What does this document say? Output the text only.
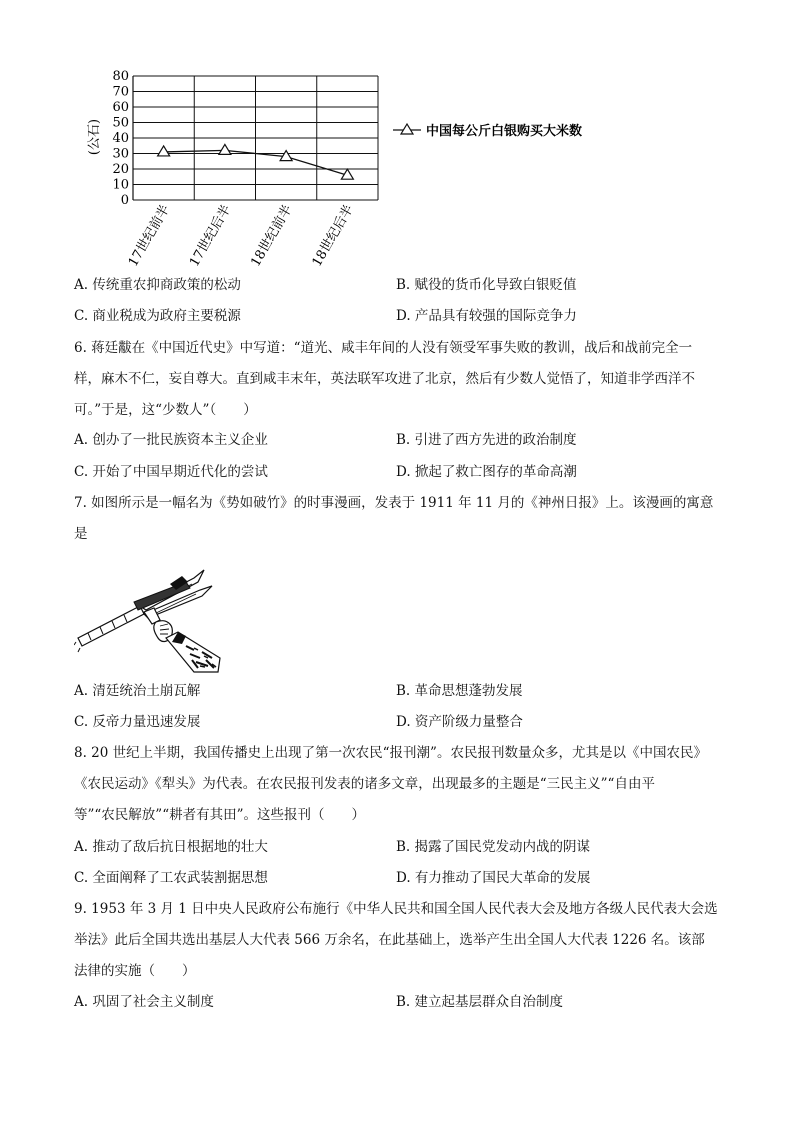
0
10
20
30
40
50
60
70
80
17世纪前半 17世纪后半 18世纪前半 18世纪后半
(公石)	中国每公斤白银购买大米数
A. 传统重农抑商政策的松动	B. 赋役的货币化导致白银贬值
C. 商业税成为政府主要税源	D. 产品具有较强的国际竞争力
6. 蒋廷黻在《中国近代史》中写道：“道光、咸丰年间的人没有领受军事失败的教训，战后和战前完全一
样，麻木不仁，妄自尊大。直到咸丰末年，英法联军攻进了北京，然后有少数人觉悟了，知道非学西洋不
可。”于是，这“少数人”（　　）
A. 创办了一批民族资本主义企业	B. 引进了西方先进的政治制度
C. 开始了中国早期近代化的尝试	D. 掀起了救亡图存的革命高潮
7. 如图所示是一幅名为《势如破竹》的时事漫画，发表于 1911 年 11 月的《神州日报》上。该漫画的寓意
是
A. 清廷统治土崩瓦解	B. 革命思想蓬勃发展
C. 反帝力量迅速发展	D. 资产阶级力量整合
8. 20 世纪上半期，我国传播史上出现了第一次农民“报刊潮”。农民报刊数量众多，尤其是以《中国农民》
《农民运动》《犁头》为代表。在农民报刊发表的诸多文章，出现最多的主题是“三民主义”“自由平
等”“农民解放”“耕者有其田”。这些报刊（　　）
A. 推动了敌后抗日根据地的壮大	B. 揭露了国民党发动内战的阴谋
C. 全面阐释了工农武装割据思想	D. 有力推动了国民大革命的发展
9. 1953 年 3 月 1 日中央人民政府公布施行《中华人民共和国全国人民代表大会及地方各级人民代表大会选
举法》此后全国共选出基层人大代表 566 万余名，在此基础上，选举产生出全国人大代表 1226 名。该部
法律的实施（　　）
A. 巩固了社会主义制度	B. 建立起基层群众自治制度
